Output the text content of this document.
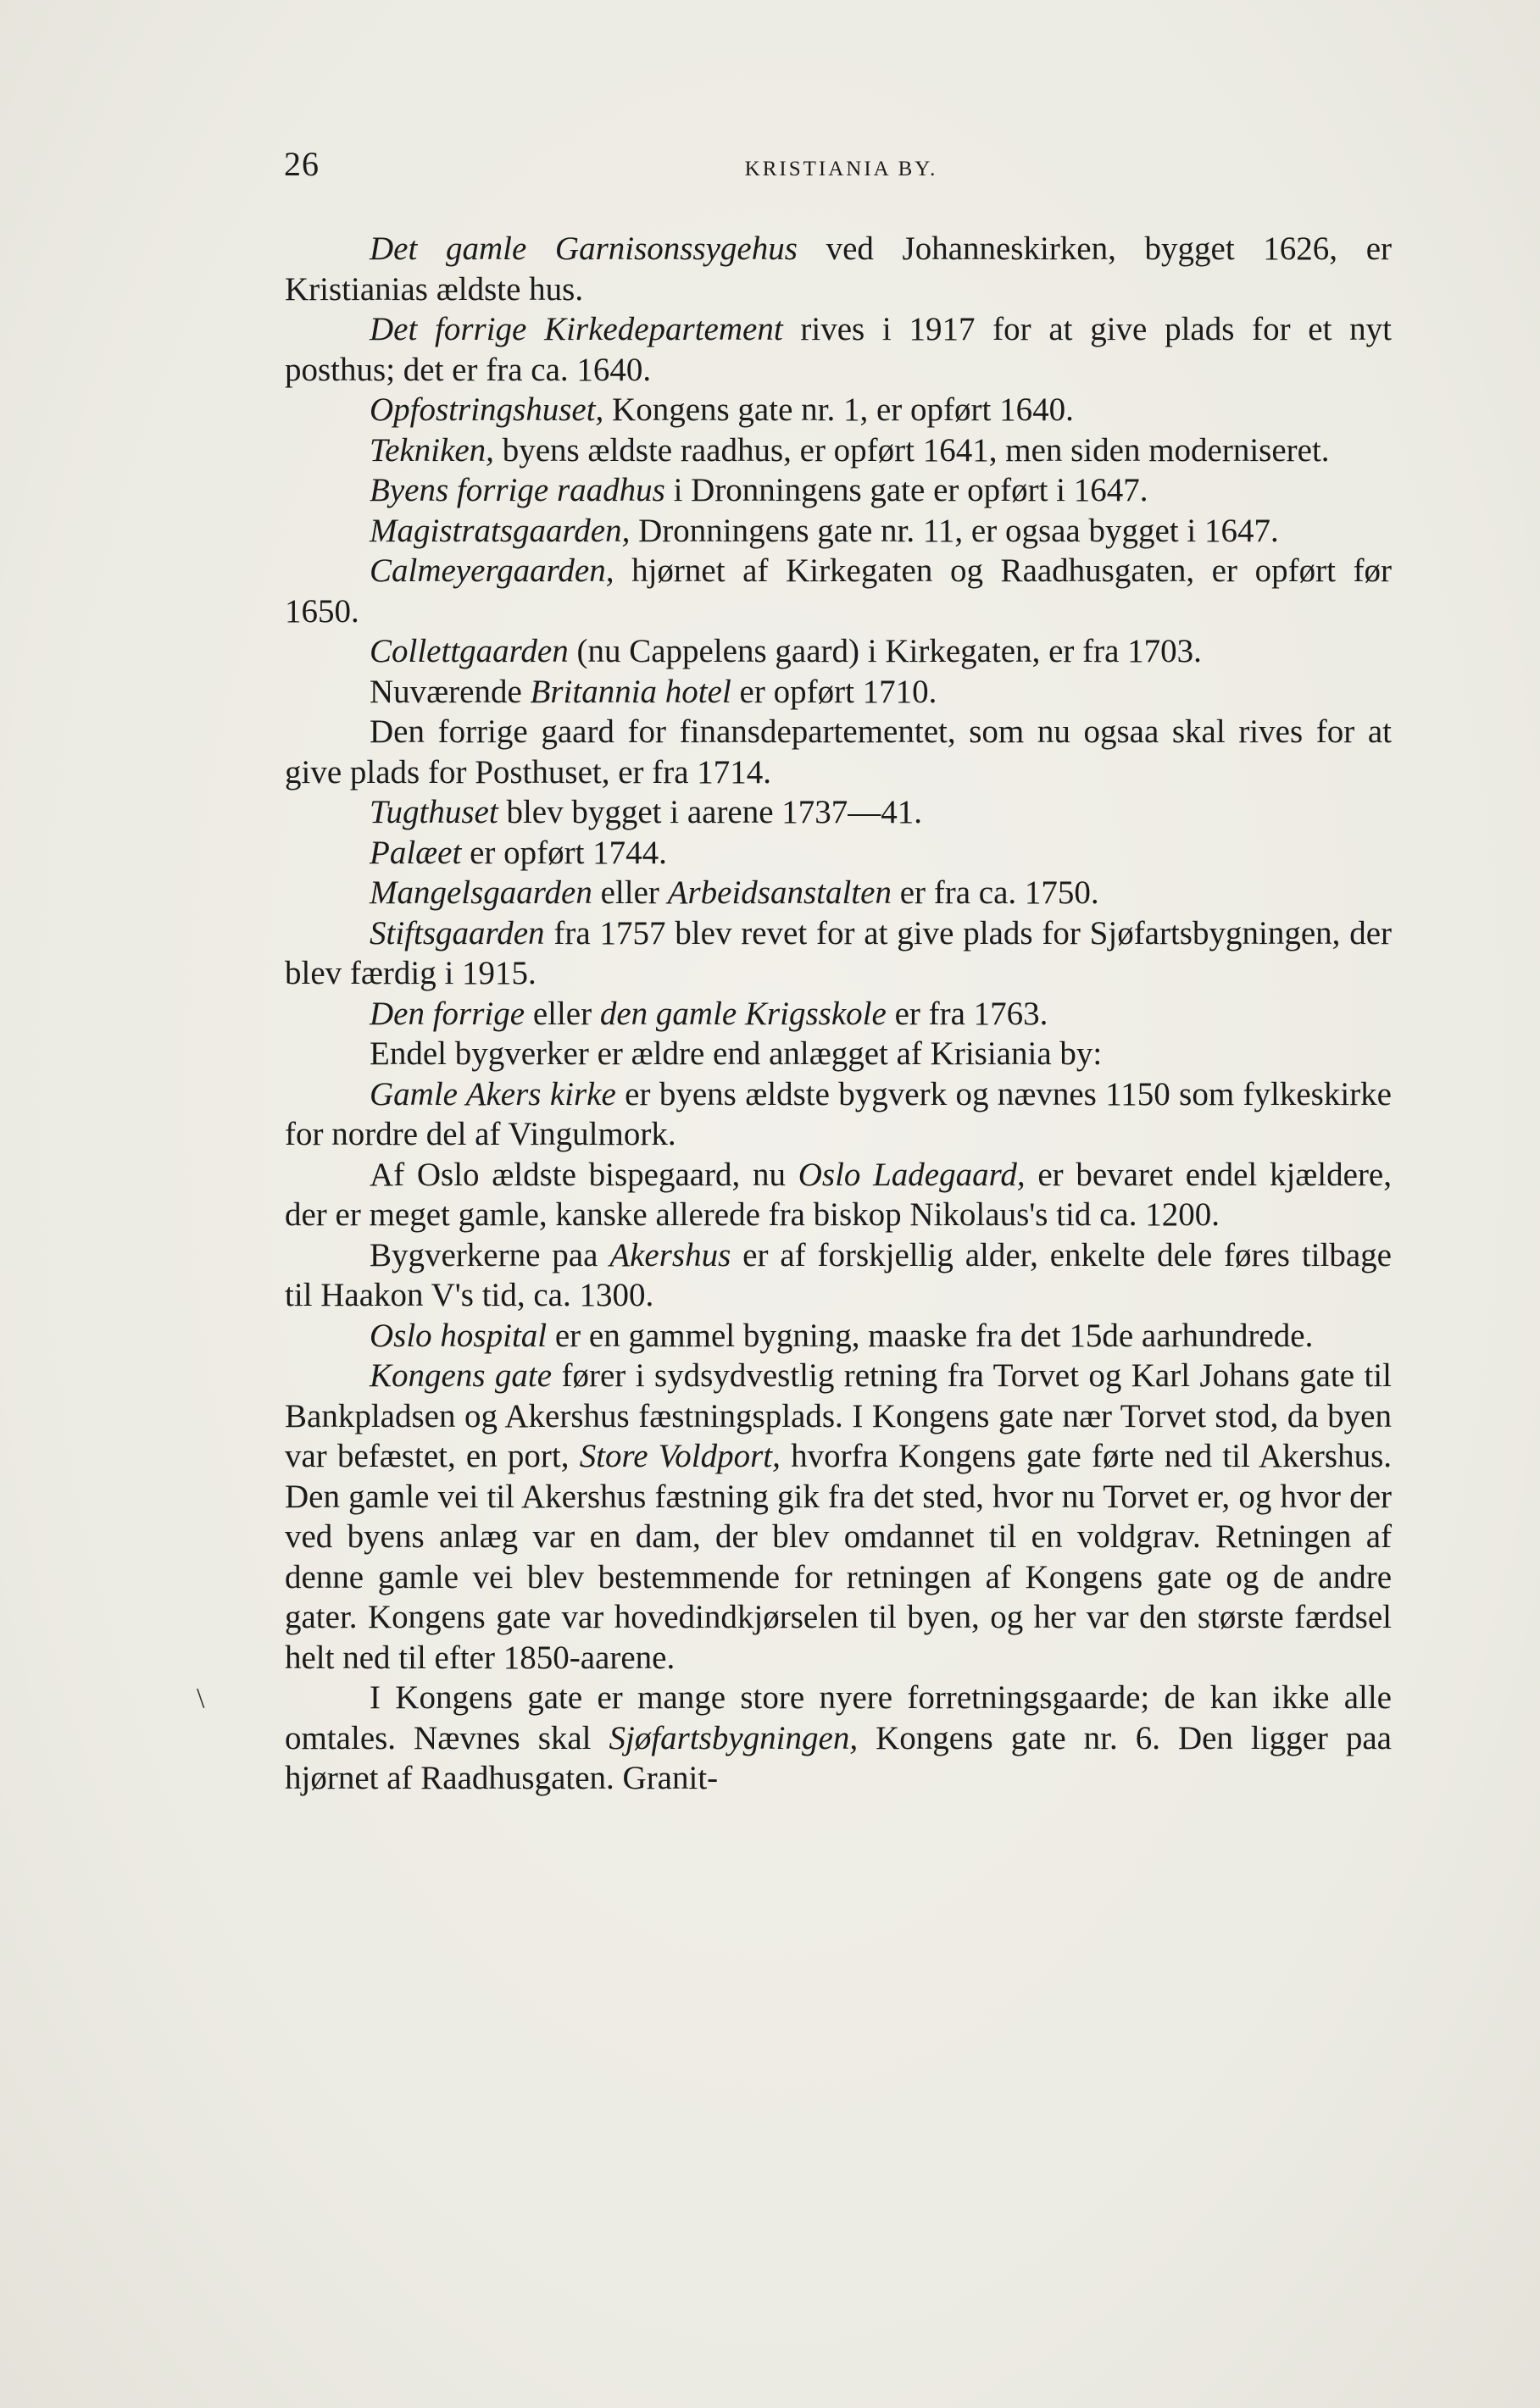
26	KRISTIANIA BY.

Det gamle Garnisonssygehus ved Johanneskirken, bygget 1626, er Kristianias ældste hus.

Det forrige Kirkedepartement rives i 1917 for at give plads for et nyt posthus; det er fra ca. 1640.

Opfostringshuset, Kongens gate nr. 1, er opført 1640.

Tekniken, byens ældste raadhus, er opført 1641, men siden moderniseret.

Byens forrige raadhus i Dronningens gate er opført i 1647.

Magistratsgaarden, Dronningens gate nr. 11, er ogsaa bygget i 1647.

Calmeyergaarden, hjørnet af Kirkegaten og Raadhusgaten, er opført før 1650.

Collettgaarden (nu Cappelens gaard) i Kirkegaten, er fra 1703.

Nuværende Britannia hotel er opført 1710.

Den forrige gaard for finansdepartementet, som nu ogsaa skal rives for at give plads for Posthuset, er fra 1714.

Tugthuset blev bygget i aarene 1737—41.

Palæet er opført 1744.

Mangelsgaarden eller Arbeidsanstalten er fra ca. 1750.

Stiftsgaarden fra 1757 blev revet for at give plads for Sjøfartsbygningen, der blev færdig i 1915.

Den forrige eller den gamle Krigsskole er fra 1763.

Endel bygverker er ældre end anlægget af Krisiania by:

Gamle Akers kirke er byens ældste bygverk og nævnes 1150 som fylkeskirke for nordre del af Vingulmork.

Af Oslo ældste bispegaard, nu Oslo Ladegaard, er bevaret endel kjældere, der er meget gamle, kanske allerede fra biskop Nikolaus's tid ca. 1200.

Bygverkerne paa Akershus er af forskjellig alder, enkelte dele føres tilbage til Haakon V's tid, ca. 1300.

Oslo hospital er en gammel bygning, maaske fra det 15de aarhundrede.

Kongens gate fører i sydsydvestlig retning fra Torvet og Karl Johans gate til Bankpladsen og Akershus fæstningsplads. I Kongens gate nær Torvet stod, da byen var befæstet, en port, Store Voldport, hvorfra Kongens gate førte ned til Akershus. Den gamle vei til Akershus fæstning gik fra det sted, hvor nu Torvet er, og hvor der ved byens anlæg var en dam, der blev omdannet til en voldgrav. Retningen af denne gamle vei blev bestemmende for retningen af Kongens gate og de andre gater. Kongens gate var hovedindkjørselen til byen, og her var den største færdsel helt ned til efter 1850-aarene.

I Kongens gate er mange store nyere forretningsgaarde; de kan ikke alle omtales. Nævnes skal Sjøfartsbygningen, Kongens gate nr. 6. Den ligger paa hjørnet af Raadhusgaten. Granit-

\
